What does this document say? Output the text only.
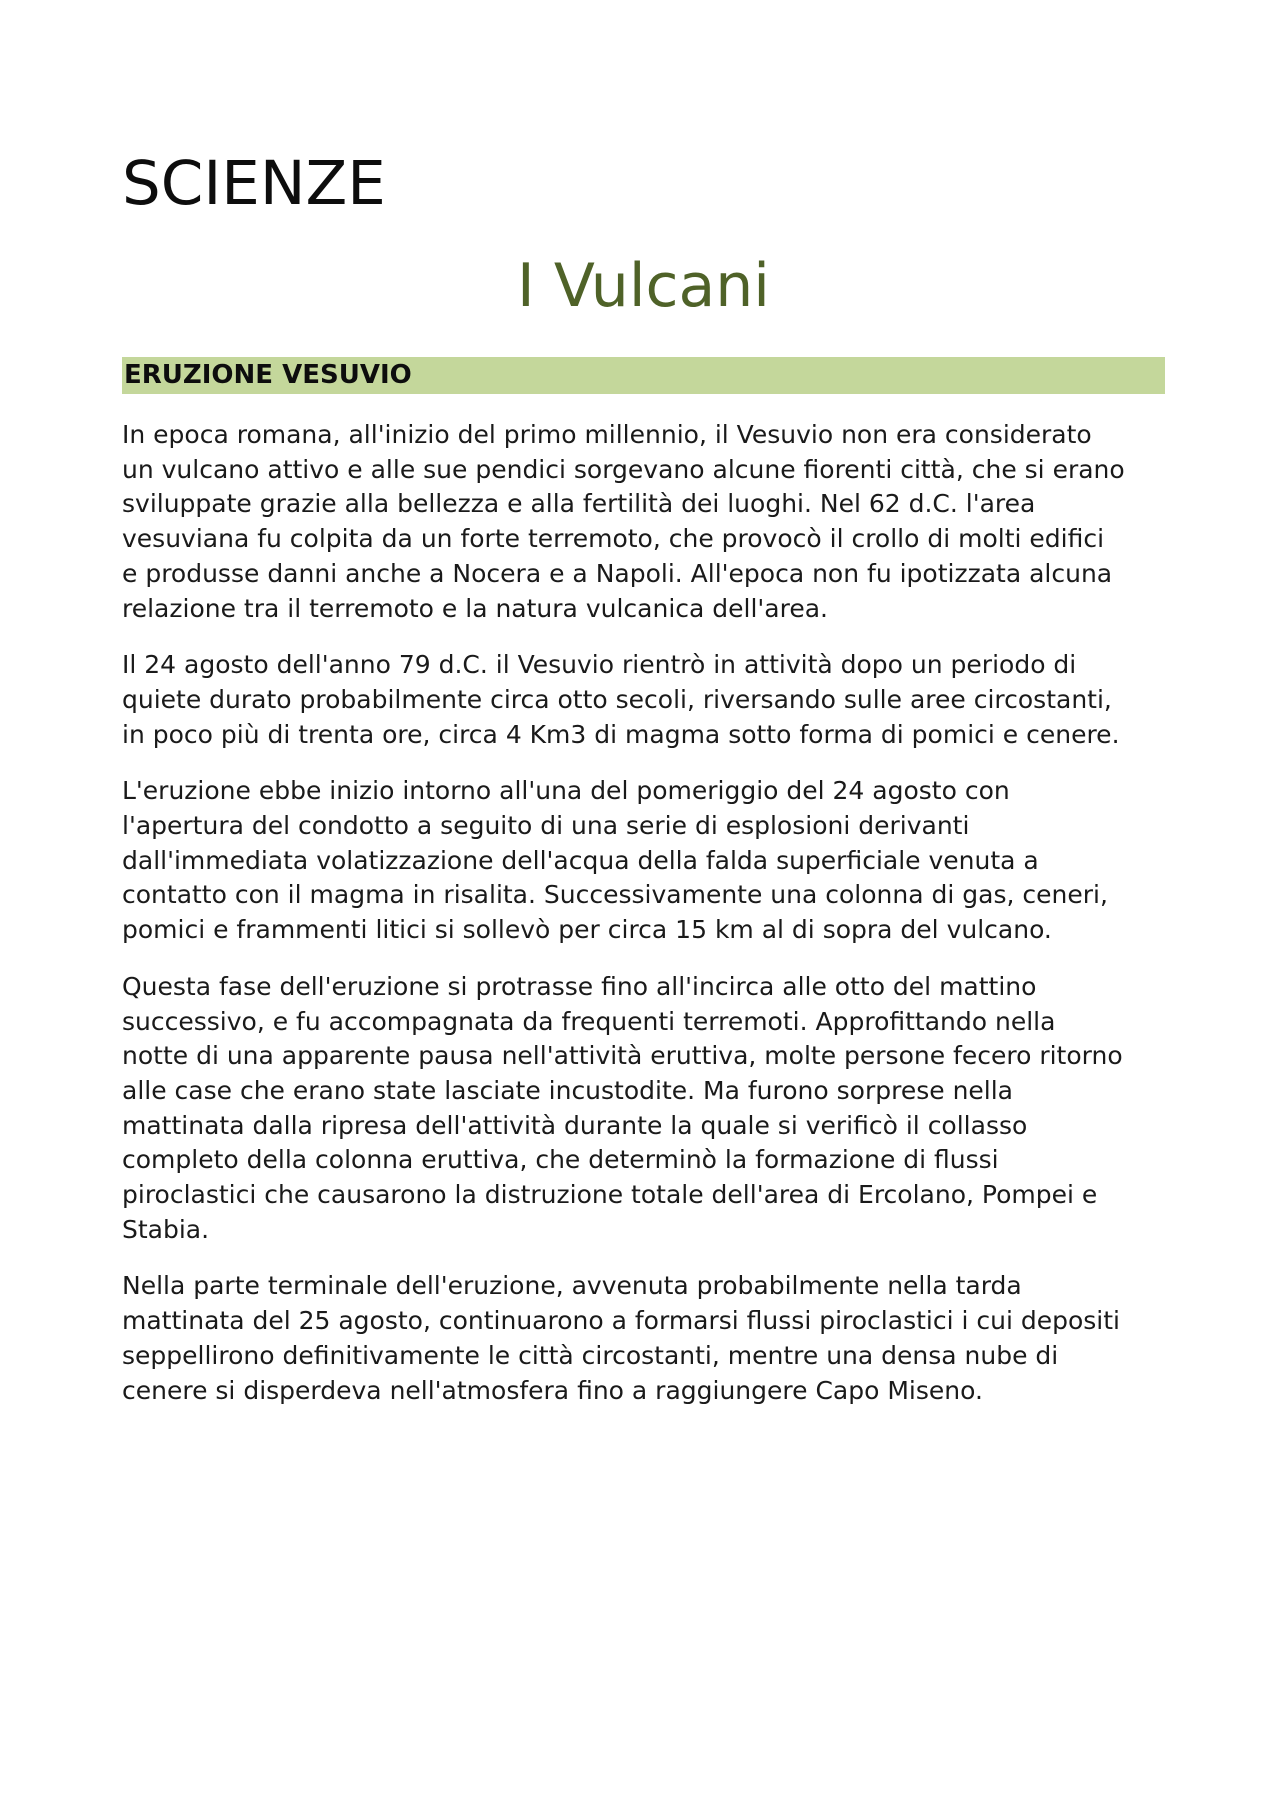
SCIENZE
I Vulcani
ERUZIONE VESUVIO

In epoca romana, all'inizio del primo millennio, il Vesuvio non era considerato
un vulcano attivo e alle sue pendici sorgevano alcune fiorenti città, che si erano
sviluppate grazie alla bellezza e alla fertilità dei luoghi. Nel 62 d.C. l'area
vesuviana fu colpita da un forte terremoto, che provocò il crollo di molti edifici
e produsse danni anche a Nocera e a Napoli. All'epoca non fu ipotizzata alcuna
relazione tra il terremoto e la natura vulcanica dell'area.

Il 24 agosto dell'anno 79 d.C. il Vesuvio rientrò in attività dopo un periodo di
quiete durato probabilmente circa otto secoli, riversando sulle aree circostanti,
in poco più di trenta ore, circa 4 Km3 di magma sotto forma di pomici e cenere.

L'eruzione ebbe inizio intorno all'una del pomeriggio del 24 agosto con
l'apertura del condotto a seguito di una serie di esplosioni derivanti
dall'immediata volatizzazione dell'acqua della falda superficiale venuta a
contatto con il magma in risalita. Successivamente una colonna di gas, ceneri,
pomici e frammenti litici si sollevò per circa 15 km al di sopra del vulcano.

Questa fase dell'eruzione si protrasse fino all'incirca alle otto del mattino
successivo, e fu accompagnata da frequenti terremoti. Approfittando nella
notte di una apparente pausa nell'attività eruttiva, molte persone fecero ritorno
alle case che erano state lasciate incustodite. Ma furono sorprese nella
mattinata dalla ripresa dell'attività durante la quale si verificò il collasso
completo della colonna eruttiva, che determinò la formazione di flussi
piroclastici che causarono la distruzione totale dell'area di Ercolano, Pompei e
Stabia.

Nella parte terminale dell'eruzione, avvenuta probabilmente nella tarda
mattinata del 25 agosto, continuarono a formarsi flussi piroclastici i cui depositi
seppellirono definitivamente le città circostanti, mentre una densa nube di
cenere si disperdeva nell'atmosfera fino a raggiungere Capo Miseno.
